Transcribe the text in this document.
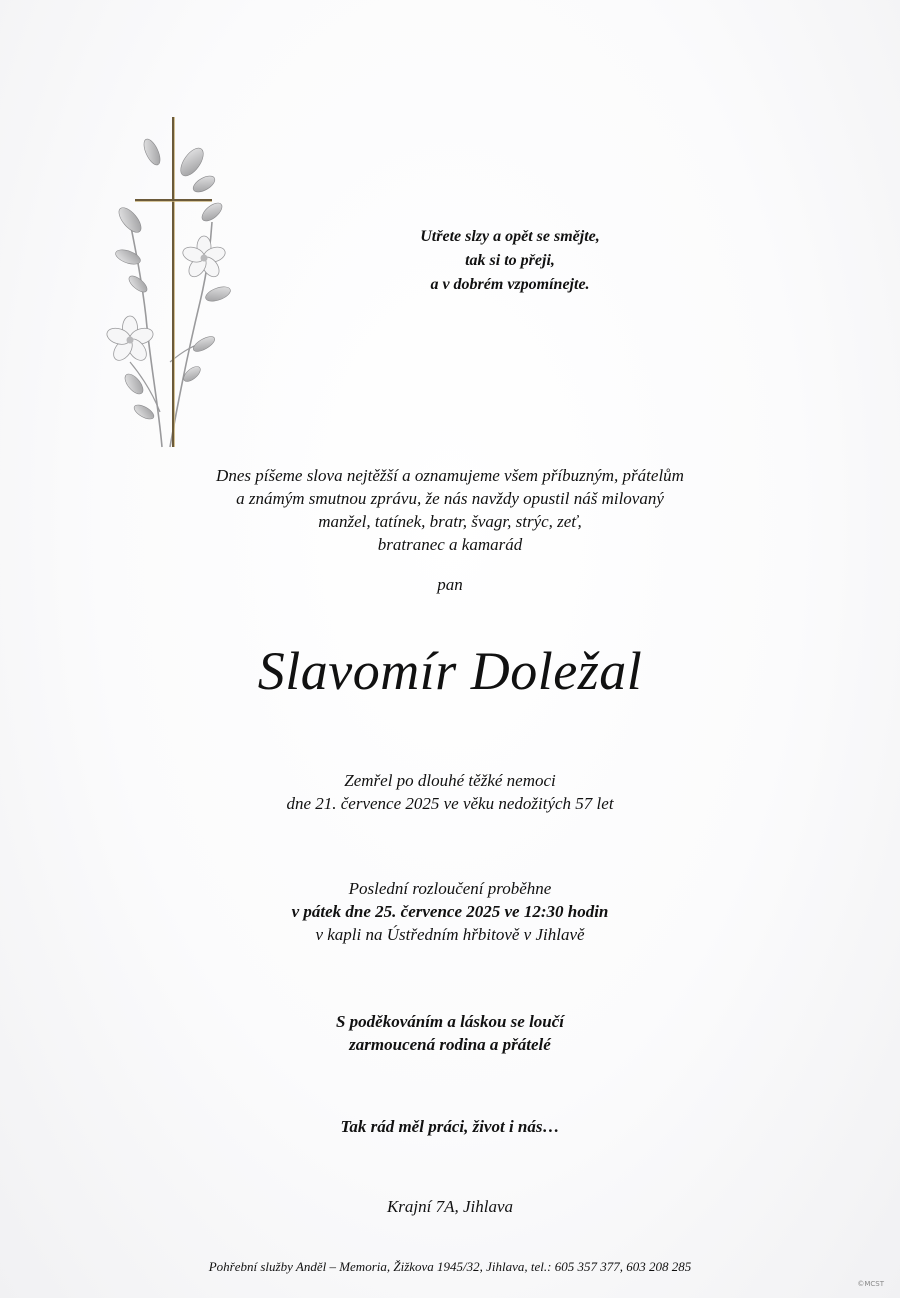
Utřete slzy a opět se smějte,
tak si to přeji,
a v dobrém vzpomínejte.
Dnes píšeme slova nejtěžší a oznamujeme všem příbuzným, přátelům
a známým smutnou zprávu, že nás navždy opustil náš milovaný
manžel, tatínek, bratr, švagr, strýc, zeť,
bratranec a kamarád
pan
Slavomír Doležal
Zemřel po dlouhé těžké nemoci
dne 21. července 2025 ve věku nedožitých 57 let
Poslední rozloučení proběhne
v pátek dne 25. července 2025 ve 12:30 hodin
v kapli na Ústředním hřbitově v Jihlavě
S poděkováním a láskou se loučí
zarmoucená rodina a přátelé
Tak rád měl práci, život i nás…
Krajní 7A, Jihlava
Pohřební služby Anděl – Memoria, Žižkova 1945/32, Jihlava, tel.: 605 357 377, 603 208 285
©MCST
